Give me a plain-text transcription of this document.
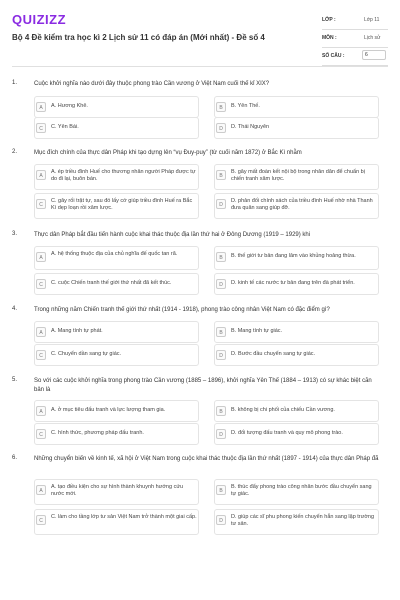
QUIZIZZ
Bộ 4 Đề kiểm tra học kì 2 Lịch sử 11 có đáp án (Mới nhất) - Đề số 4
LỚP :	Lớp 11
MÔN :	Lịch sử
SỐ CÂU :	6
1.	Cuộc khởi nghĩa nào dưới đây thuộc phong trào Cần vương ở Việt Nam cuối thế kỉ XIX?
A	A. Hương Khê.	B	B. Yên Thế.
C	C. Yên Bái.	D	D. Thái Nguyên
2.	Mục đích chính của thực dân Pháp khi tạo dựng lên “vụ Đuy-puy” (từ cuối năm 1872) ở Bắc Kì nhằm
A
A. ép triều đình Huế cho thương nhân người Pháp được tự do đi lại, buôn bán.	B
B. gây mất đoàn kết nội bộ trong nhân dân để chuẩn bị chiến tranh xâm lược.
C
C. gây rối trật tự, sau đó lấy cớ giúp triều đình Huế ra Bắc Kì dẹp loạn rồi xâm lược.	D
D. phản đối chính sách của triều đình Huế nhờ nhà Thanh đưa quân sang giúp đỡ.
3.	Thực dân Pháp bắt đầu tiến hành cuộc khai thác thuộc địa lần thứ hai ở Đông Dương (1919 – 1929) khi
A
A. hệ thống thuộc địa của chủ nghĩa đế quốc tan rã.
B	B. thế giới tư bản đang lâm vào khủng hoảng thừa.
C	C. cuộc Chiến tranh thế giới thứ nhất đã kết thúc.	D	D. kinh tế các nước tư bản đang trên đà phát triển.
4.	Trong những năm Chiến tranh thế giới thứ nhất (1914 - 1918), phong trào công nhân Việt Nam có đặc điểm gì?
A	A. Mang tính tự phát.	B	B. Mang tính tự giác.
C	C. Chuyển dần sang tự giác.	D	D. Bước đầu chuyển sang tự giác.
5.	So với các cuộc khởi nghĩa trong phong trào Cần vương (1885 – 1896), khởi nghĩa Yên Thế (1884 – 1913) có sự khác biệt căn bản là
A	A. ở mục tiêu đấu tranh và lực lượng tham gia.	B	B. không bị chi phối của chiếu Cần vương.
C	C. hình thức, phương pháp đấu tranh.	D	D. đối tượng đấu tranh và quy mô phong trào.
6.	Những chuyển biến về kinh tế, xã hội ở Việt Nam trong cuộc khai thác thuộc địa lần thứ nhất (1897 - 1914) của thực dân Pháp đã
A
A. tạo điều kiện cho sự hình thành khuynh hướng cứu nước mới.	B
B. thúc đẩy phong trào công nhân bước đầu chuyển sang tự giác.
C
C. làm cho tầng lớp tư sản Việt Nam trở thành một giai cấp.
D
D. giúp các sĩ phu phong kiến chuyển hẳn sang lập trường tư sản.
